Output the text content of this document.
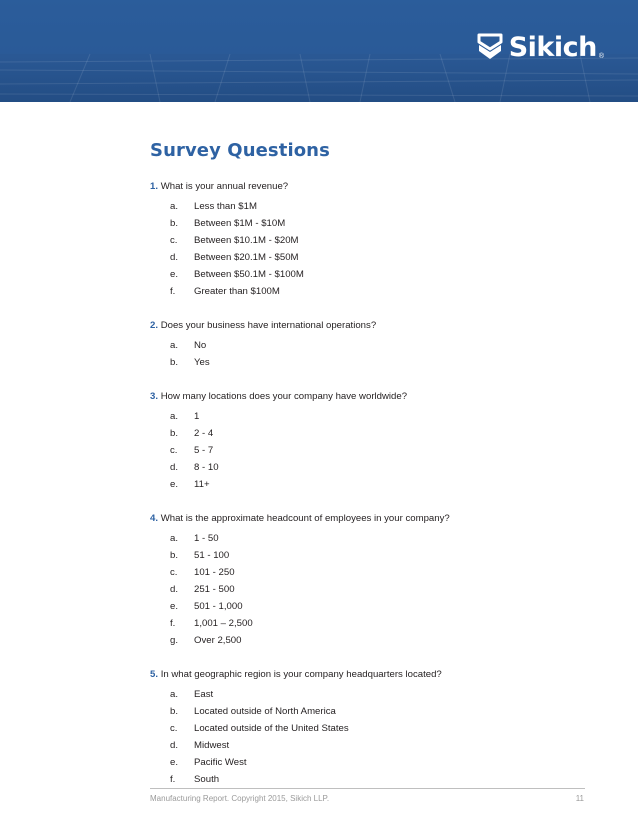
Sikich ®
Survey Questions
1. What is your annual revenue?
a.	Less than $1M
b.	Between $1M - $10M
c.	Between $10.1M - $20M
d.	Between $20.1M - $50M
e.	Between $50.1M - $100M
f.	Greater than $100M
2. Does your business have international operations?
a.	No
b.	Yes
3. How many locations does your company have worldwide?
a.	1
b.	2 - 4
c.	5 - 7
d.	8 - 10
e.	11+
4. What is the approximate headcount of employees in your company?
a.	1 - 50
b.	51 - 100
c.	101 - 250
d.	251 - 500
e.	501 - 1,000
f.	1,001 – 2,500
g.	Over 2,500
5. In what geographic region is your company headquarters located?
a.	East
b.	Located outside of North America
c.	Located outside of the United States
d.	Midwest
e.	Pacific West
f.	South
Manufacturing Report. Copyright 2015, Sikich LLP.	11
